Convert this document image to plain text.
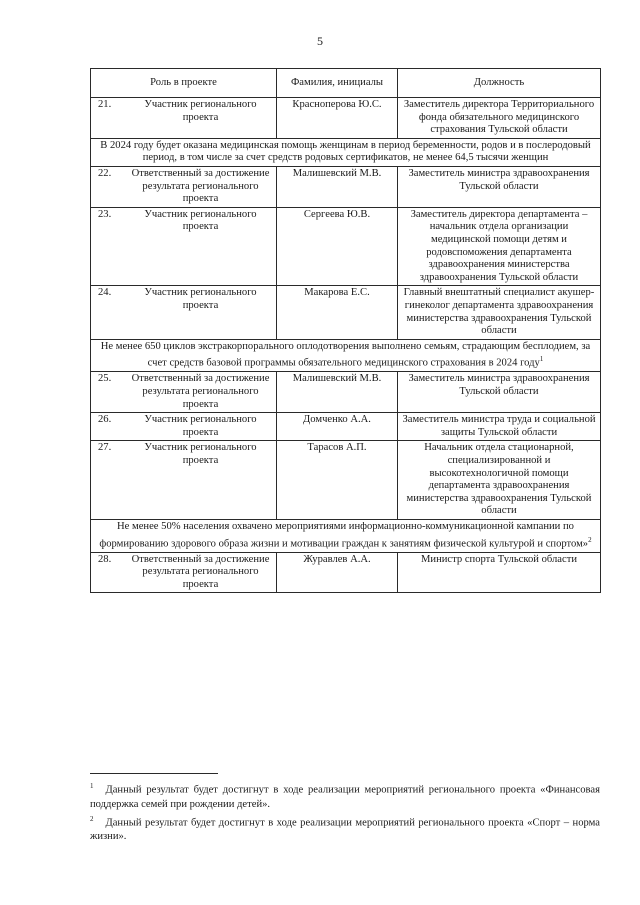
5
Роль в проекте	Фамилия, инициалы	Должность

21. Участник регионального проекта	Красноперова Ю.С.	Заместитель директора Территориального фонда обязательного медицинского страхования Тульской области
В 2024 году будет оказана медицинская помощь женщинам в период беременности, родов и в послеродовый период, в том числе за счет средств родовых сертификатов, не менее 64,5 тысячи женщин		

22. Ответственный за достижение результата регионального проекта	Малишевский М.В.	Заместитель министра здравоохранения Тульской области

23. Участник регионального проекта	Сергеева Ю.В.	Заместитель директора департамента – начальник отдела организации медицинской помощи детям и родовспоможения департамента здравоохранения министерства здравоохранения Тульской области

24. Участник регионального проекта	Макарова Е.С.	Главный внештатный специалист акушер-гинеколог департамента здравоохранения министерства здравоохранения Тульской области
Не менее 650 циклов экстракорпорального оплодотворения выполнено семьям, страдающим бесплодием, за счет средств базовой программы обязательного медицинского страхования в 2024 году$^1$

25. Ответственный за достижение результата регионального проекта	Малишевский М.В.	Заместитель министра здравоохранения Тульской области

26. Участник регионального проекта	Домченко А.А.	Заместитель министра труда и социальной защиты Тульской области

27. Участник регионального проекта	Тарасов А.П.	Начальник отдела стационарной, специализированной и высокотехнологичной помощи департамента здравоохранения министерства здравоохранения Тульской области
Не менее 50% населения охвачено мероприятиями информационно-коммуникационной кампании по формированию здорового образа жизни и мотивации граждан к занятиям физической культурой и спортом»$^2$

28. Ответственный за достижение результата регионального проекта	Журавлев А.А.	Министр спорта Тульской области

$^1$ Данный результат будет достигнут в ходе реализации мероприятий регионального проекта «Финансовая поддержка семей при рождении детей».

$^2$ Данный результат будет достигнут в ходе реализации мероприятий регионального проекта «Спорт – норма жизни».
